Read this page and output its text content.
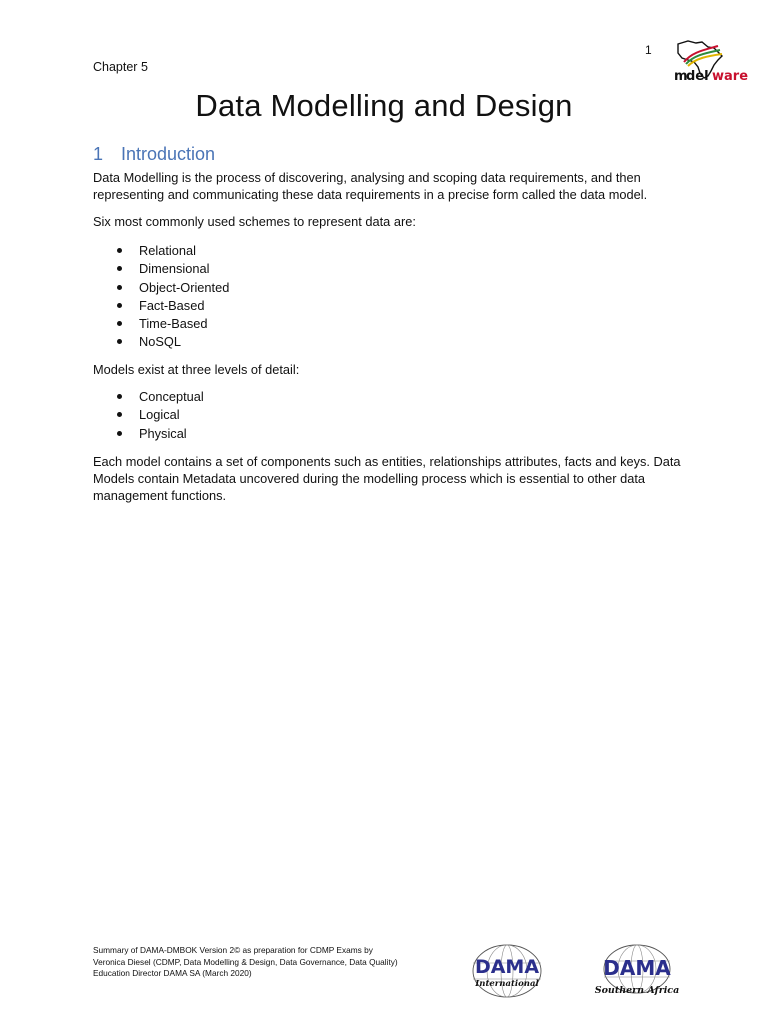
1
m
del ware
Chapter 5
Data Modelling and Design
1 Introduction

Data Modelling is the process of discovering, analysing and scoping data requirements, and then representing and communicating these data requirements in a precise form called the data model.

Six most commonly used schemes to represent data are:

Relational
Dimensional
Object-Oriented
Fact-Based
Time-Based
NoSQL

Models exist at three levels of detail:

Conceptual
Logical
Physical

Each model contains a set of components such as entities, relationships attributes, facts and keys. Data Models contain Metadata uncovered during the modelling process which is essential to other data management functions.

Summary of DAMA-DMBOK Version 2© as preparation for CDMP Exams by
Veronica Diesel (CDMP, Data Modelling & Design, Data Governance, Data Quality)
Education Director DAMA SA (March 2020)	DAMA
International
DAMA
Southern Africa
